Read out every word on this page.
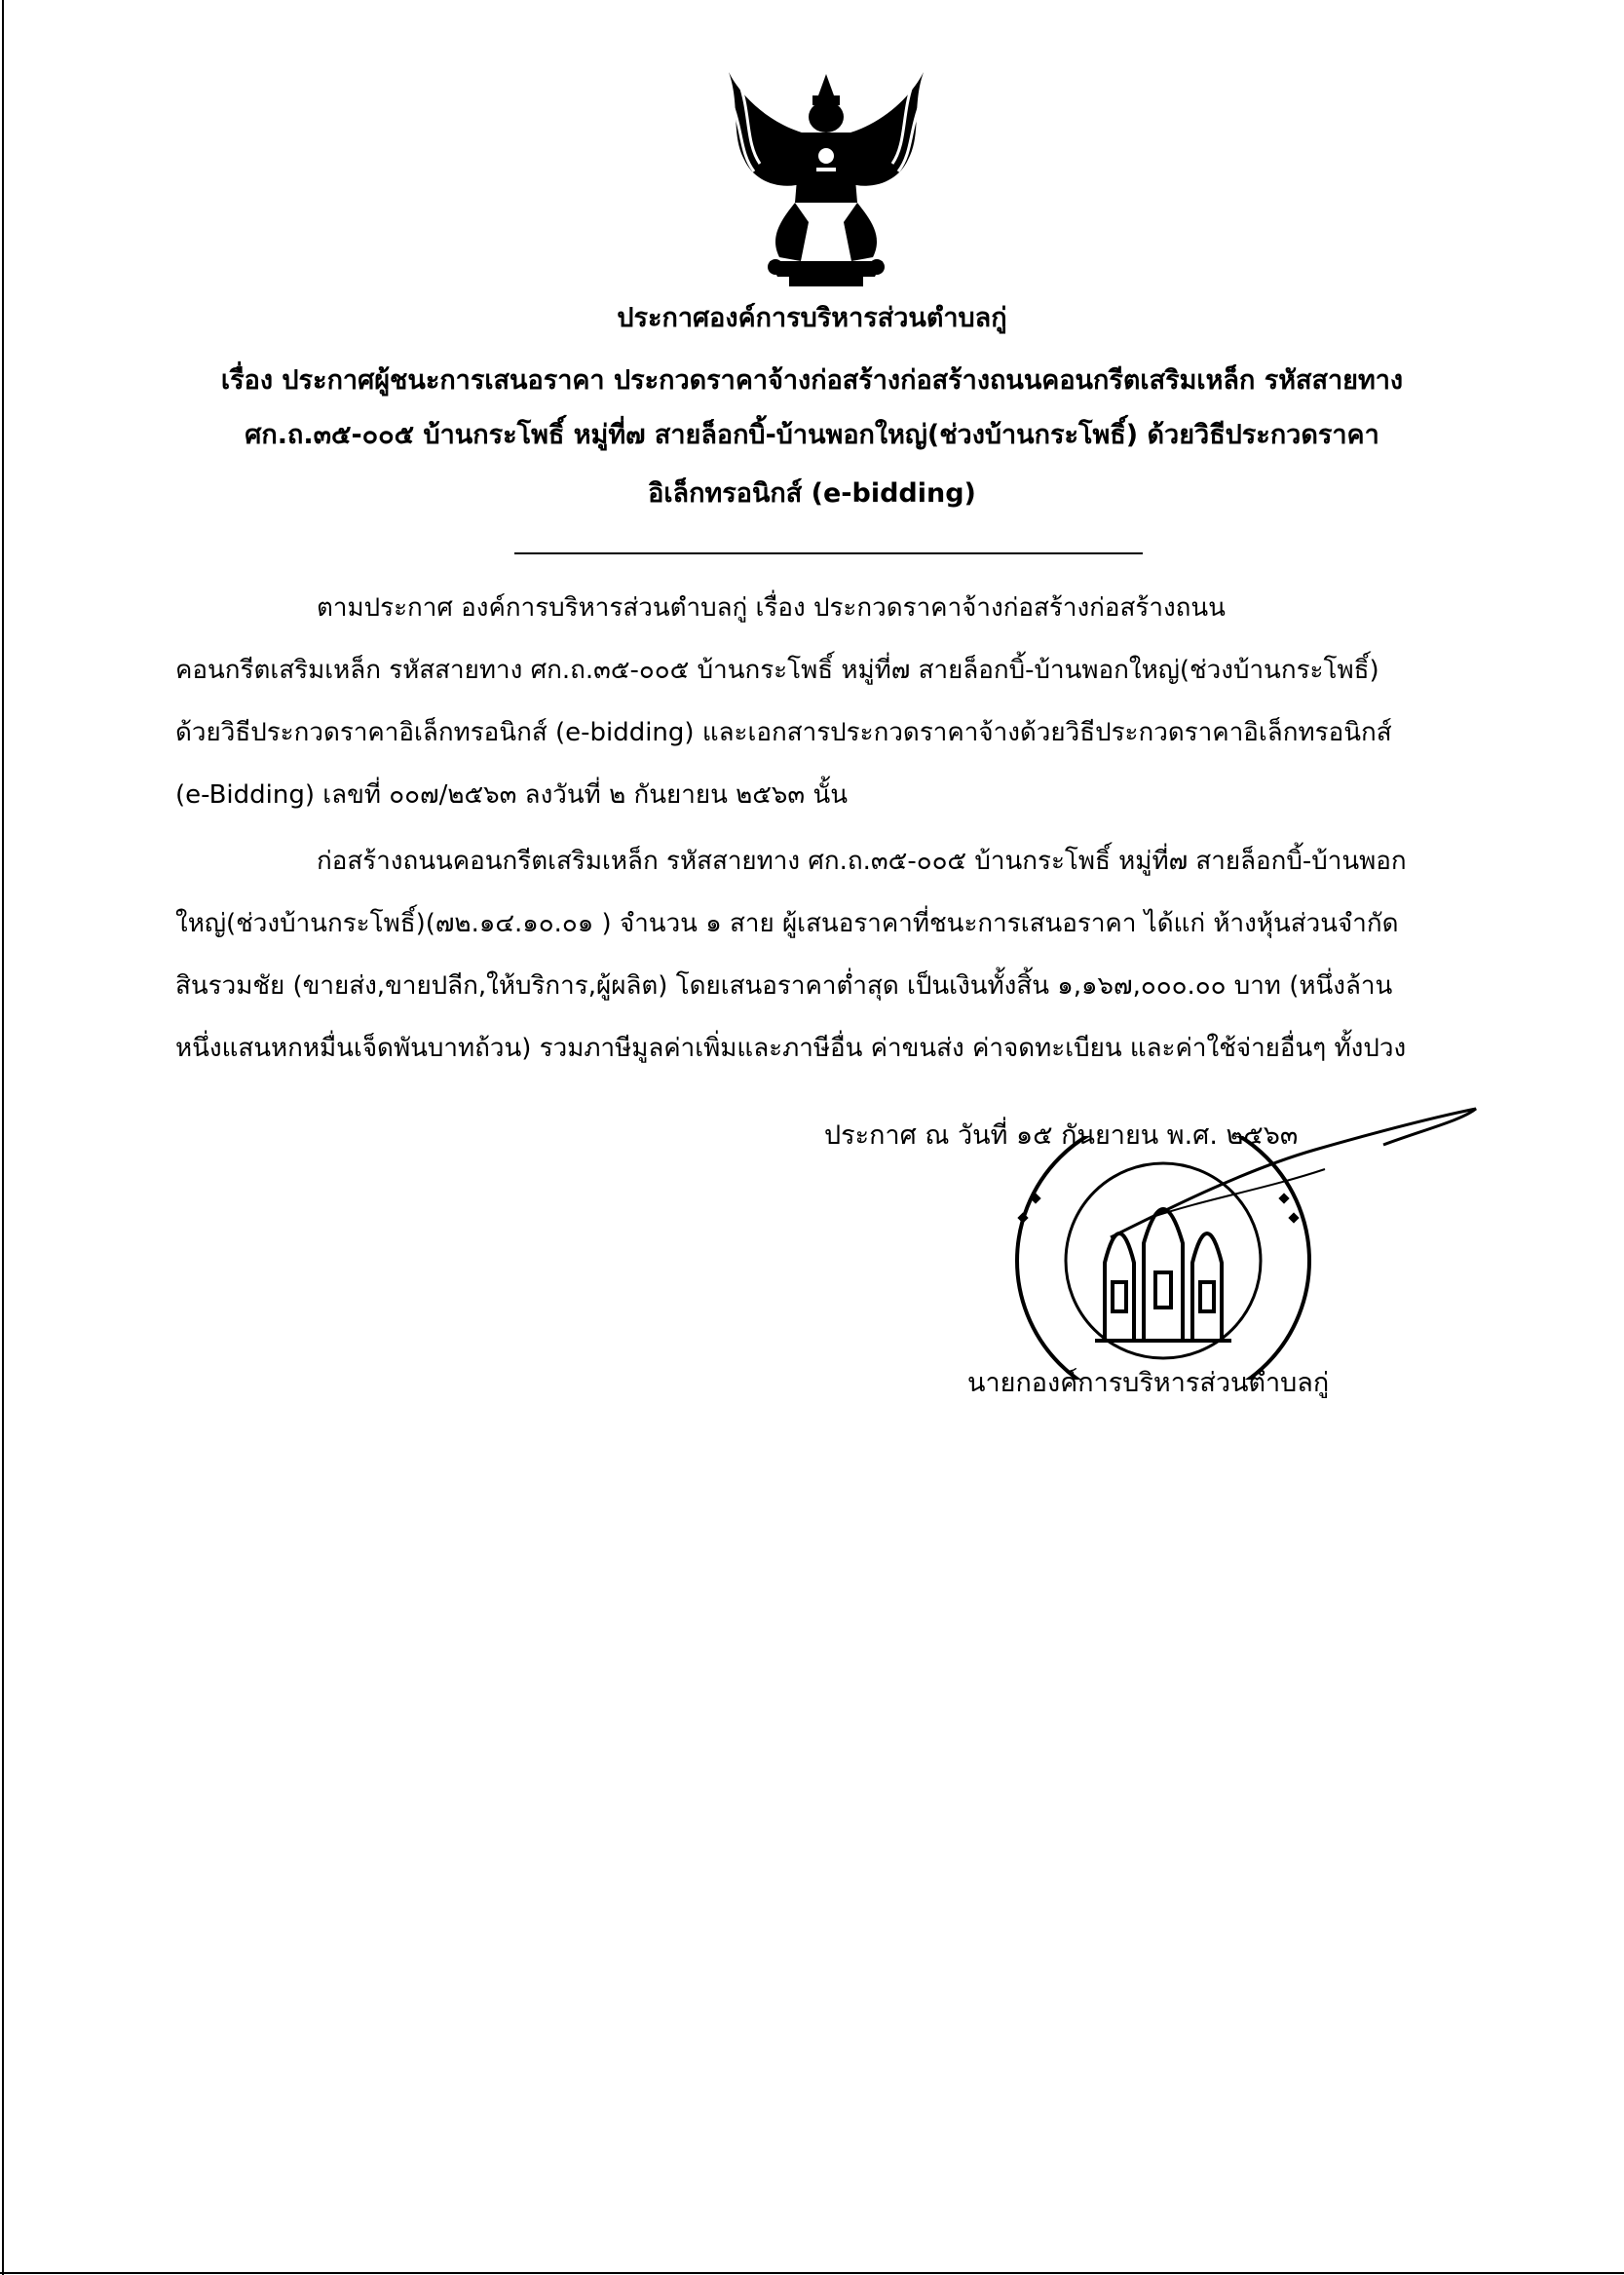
ประกาศองค์การบริหารส่วนตำบลกู่
เรื่อง ประกาศผู้ชนะการเสนอราคา ประกวดราคาจ้างก่อสร้างก่อสร้างถนนคอนกรีตเสริมเหล็ก รหัสสายทาง
ศก.ถ.๓๕-๐๐๕ บ้านกระโพธิ์ หมู่ที่๗ สายล็อกบิ้-บ้านพอกใหญ่(ช่วงบ้านกระโพธิ์) ด้วยวิธีประกวดราคา
อิเล็กทรอนิกส์ (e-bidding)
ตามประกาศ องค์การบริหารส่วนตำบลกู่ เรื่อง ประกวดราคาจ้างก่อสร้างก่อสร้างถนน
คอนกรีตเสริมเหล็ก รหัสสายทาง ศก.ถ.๓๕-๐๐๕ บ้านกระโพธิ์ หมู่ที่๗ สายล็อกบิ้-บ้านพอกใหญ่(ช่วงบ้านกระโพธิ์)
ด้วยวิธีประกวดราคาอิเล็กทรอนิกส์ (e-bidding) และเอกสารประกวดราคาจ้างด้วยวิธีประกวดราคาอิเล็กทรอนิกส์
(e-Bidding) เลขที่ ๐๐๗/๒๕๖๓ ลงวันที่ ๒ กันยายน ๒๕๖๓ นั้น
ก่อสร้างถนนคอนกรีตเสริมเหล็ก รหัสสายทาง ศก.ถ.๓๕-๐๐๕ บ้านกระโพธิ์ หมู่ที่๗ สายล็อกบิ้-บ้านพอก
ใหญ่(ช่วงบ้านกระโพธิ์)(๗๒.๑๔.๑๐.๐๑ ) จำนวน ๑ สาย ผู้เสนอราคาที่ชนะการเสนอราคา ได้แก่ ห้างหุ้นส่วนจำกัด
สินรวมชัย (ขายส่ง,ขายปลีก,ให้บริการ,ผู้ผลิต) โดยเสนอราคาต่ำสุด เป็นเงินทั้งสิ้น ๑,๑๖๗,๐๐๐.๐๐ บาท (หนึ่งล้าน
หนึ่งแสนหกหมื่นเจ็ดพันบาทถ้วน) รวมภาษีมูลค่าเพิ่มและภาษีอื่น ค่าขนส่ง ค่าจดทะเบียน และค่าใช้จ่ายอื่นๆ ทั้งปวง
ประกาศ ณ วันที่ ๑๕ กันยายน พ.ศ. ๒๕๖๓
นายกองค์การบริหารส่วนตำบลกู่
